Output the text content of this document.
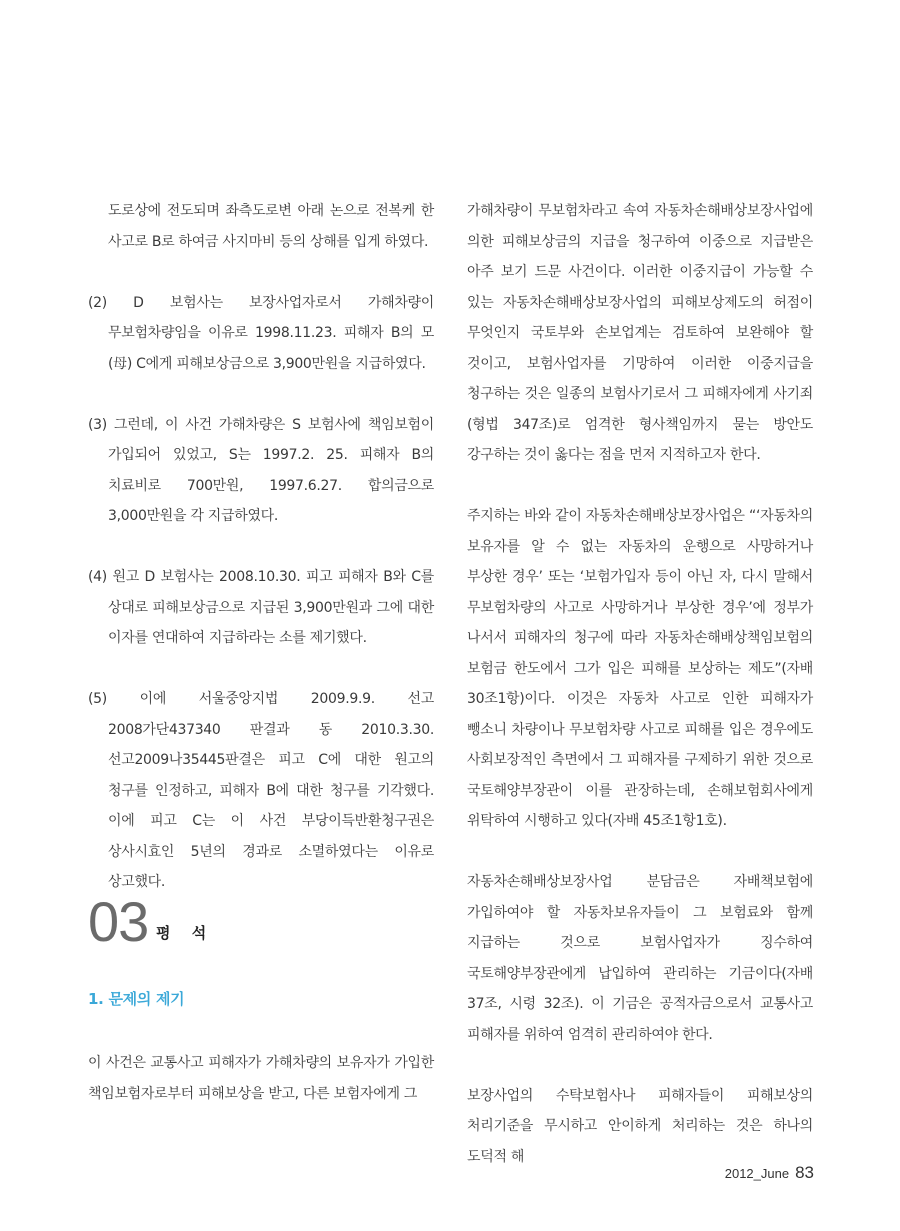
도로상에 전도되며 좌측도로변 아래 논으로 전복케 한 사고로 B로 하여금 사지마비 등의 상해를 입게 하였다.

(2) D 보험사는 보장사업자로서 가해차량이 무보험차량임을 이유로 1998.11.23. 피해자 B의 모(母) C에게 피해보상금으로 3,900만원을 지급하였다.

(3) 그런데, 이 사건 가해차량은 S 보험사에 책임보험이 가입되어 있었고, S는 1997.2. 25. 피해자 B의 치료비로 700만원, 1997.6.27. 합의금으로 3,000만원을 각 지급하였다.

(4) 원고 D 보험사는 2008.10.30. 피고 피해자 B와 C를 상대로 피해보상금으로 지급된 3,900만원과 그에 대한 이자를 연대하여 지급하라는 소를 제기했다.

(5) 이에 서울중앙지법 2009.9.9. 선고 2008가단437340 판결과 동 2010.3.30. 선고2009나35445판결은 피고 C에 대한 원고의 청구를 인정하고, 피해자 B에 대한 청구를 기각했다. 이에 피고 C는 이 사건 부당이득반환청구권은 상사시효인 5년의 경과로 소멸하였다는 이유로 상고했다.

03 평 석
1. 문제의 제기

이 사건은 교통사고 피해자가 가해차량의 보유자가 가입한 책임보험자로부터 피해보상을 받고, 다른 보험자에게 그

가해차량이 무보험차라고 속여 자동차손해배상보장사업에 의한 피해보상금의 지급을 청구하여 이중으로 지급받은 아주 보기 드문 사건이다. 이러한 이중지급이 가능할 수 있는 자동차손해배상보장사업의 피해보상제도의 허점이 무엇인지 국토부와 손보업계는 검토하여 보완해야 할 것이고, 보험사업자를 기망하여 이러한 이중지급을 청구하는 것은 일종의 보험사기로서 그 피해자에게 사기죄(형법 347조)로 엄격한 형사책임까지 묻는 방안도 강구하는 것이 옳다는 점을 먼저 지적하고자 한다.

주지하는 바와 같이 자동차손해배상보장사업은 “‘자동차의 보유자를 알 수 없는 자동차의 운행으로 사망하거나 부상한 경우’ 또는 ‘보험가입자 등이 아닌 자, 다시 말해서 무보험차량의 사고로 사망하거나 부상한 경우’에 정부가 나서서 피해자의 청구에 따라 자동차손해배상책임보험의 보험금 한도에서 그가 입은 피해를 보상하는 제도”(자배 30조1항)이다. 이것은 자동차 사고로 인한 피해자가 뺑소니 차량이나 무보험차량 사고로 피해를 입은 경우에도 사회보장적인 측면에서 그 피해자를 구제하기 위한 것으로 국토해양부장관이 이를 관장하는데, 손해보험회사에게 위탁하여 시행하고 있다(자배 45조1항1호).

자동차손해배상보장사업 분담금은 자배책보험에 가입하여야 할 자동차보유자들이 그 보험료와 함께 지급하는 것으로 보험사업자가 징수하여 국토해양부장관에게 납입하여 관리하는 기금이다(자배 37조, 시령 32조). 이 기금은 공적자금으로서 교통사고 피해자를 위하여 엄격히 관리하여야 한다.

보장사업의 수탁보험사나 피해자들이 피해보상의 처리기준을 무시하고 안이하게 처리하는 것은 하나의 도덕적 해

2012_June 83
